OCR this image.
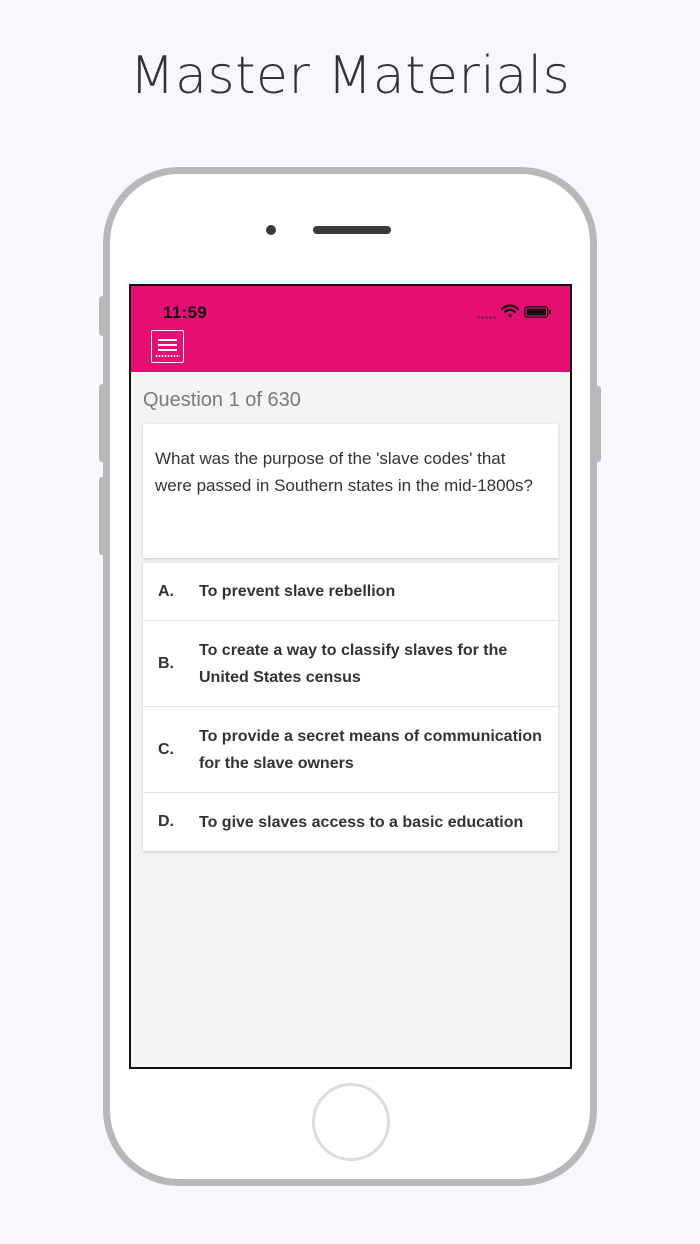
Master Materials
11:59
Question 1 of 630
What was the purpose of the 'slave codes' that were passed in Southern states in the mid-1800s?
A. To prevent slave rebellion
B.
To create a way to classify slaves for the United States census
C.
To provide a secret means of communication for the slave owners
D. To give slaves access to a basic education
